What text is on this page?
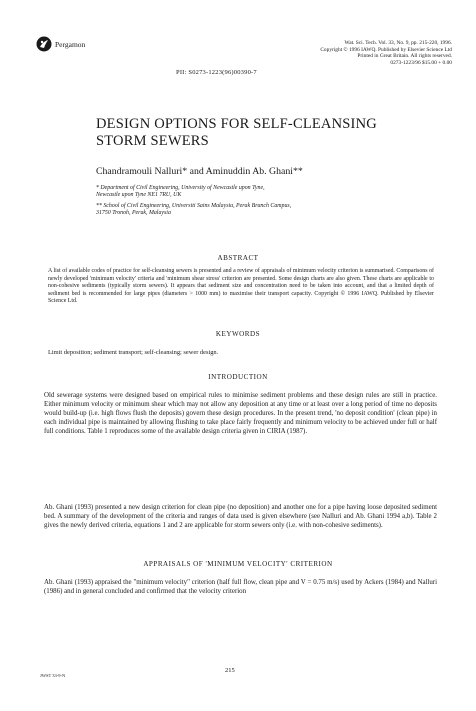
Pergamon	Wat. Sci. Tech. Vol. 33, No. 9, pp. 215-220, 1996.
Copyright © 1996 IAWQ. Published by Elsevier Science Ltd
Printed in Great Britain. All rights reserved.
0273-1223/96 $15.00 + 0.00
PII: S0273-1223(96)00390-7
DESIGN OPTIONS FOR SELF-CLEANSING
STORM SEWERS
Chandramouli Nalluri* and Aminuddin Ab. Ghani**
* Department of Civil Engineering, University of Newcastle upon Tyne,
Newcastle upon Tyne NE1 7RU, UK
** School of Civil Engineering, Universiti Sains Malaysia, Perak Branch Campus,
31750 Tronoh, Perak, Malaysia
ABSTRACT
A list of available codes of practice for self-cleansing sewers is presented and a review of appraisals of minimum velocity criterion is summarised. Comparisons of newly developed 'minimum velocity' criteria and 'minimum shear stress' criterion are presented. Some design charts are also given. These charts are applicable to non-cohesive sediments (typically storm sewers). It appears that sediment size and concentration need to be taken into account, and that a limited depth of sediment bed is recommended for large pipes (diameters > 1000 mm) to maximise their transport capacity. Copyright © 1996 IAWQ. Published by Elsevier Science Ltd.
KEYWORDS
Limit deposition; sediment transport; self-cleansing; sewer design.
INTRODUCTION
Old sewerage systems were designed based on empirical rules to minimise sediment problems and these design rules are still in practice. Either minimum velocity or minimum shear which may not allow any deposition at any time or at least over a long period of time no deposits would build-up (i.e. high flows flush the deposits) govern these design procedures. In the present trend, 'no deposit condition' (clean pipe) in each individual pipe is maintained by allowing flushing to take place fairly frequently and minimum velocity to be achieved under full or half full conditions. Table 1 reproduces some of the available design criteria given in CIRIA (1987).
Ab. Ghani (1993) presented a new design criterion for clean pipe (no deposition) and another one for a pipe having loose deposited sediment bed. A summary of the development of the criteria and ranges of data used is given elsewhere (see Nalluri and Ab. Ghani 1994 a,b). Table 2 gives the newly derived criteria, equations 1 and 2 are applicable for storm sewers only (i.e. with non-cohesive sediments).
APPRAISALS OF 'MINIMUM VELOCITY' CRITERION
Ab. Ghani (1993) appraised the "minimum velocity" criterion (half full flow, clean pipe and V = 0.75 m/s) used by Ackers (1984) and Nalluri (1986) and in general concluded and confirmed that the velocity criterion
JWST 33-9-N
215
